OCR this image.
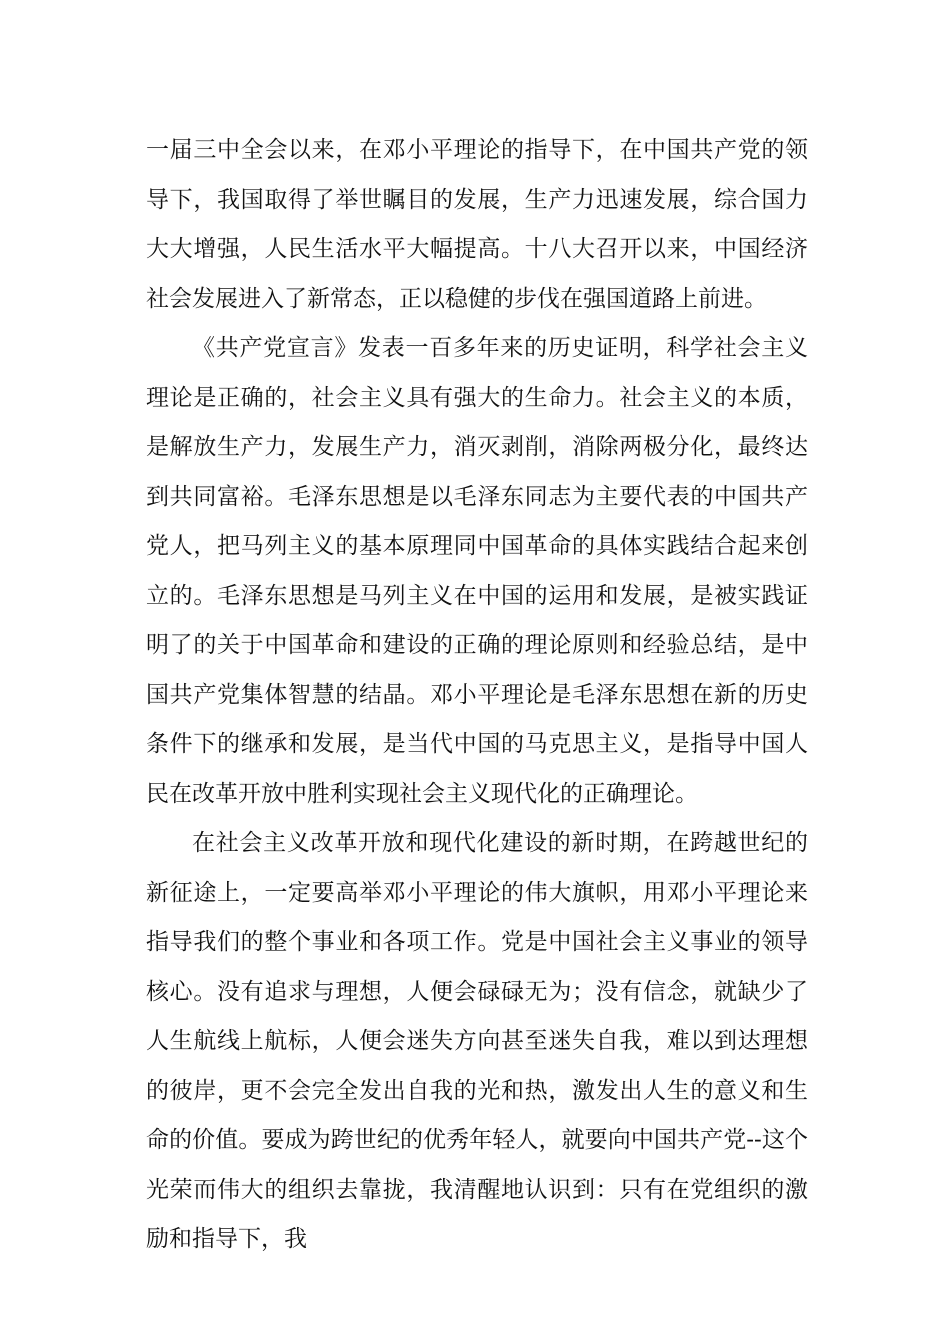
一届三中全会以来，在邓小平理论的指导下，在中国共产党的领导下，我国取得了举世瞩目的发展，生产力迅速发展，综合国力大大增强，人民生活水平大幅提高。十八大召开以来，中国经济社会发展进入了新常态，正以稳健的步伐在强国道路上前进。

《共产党宣言》发表一百多年来的历史证明，科学社会主义理论是正确的，社会主义具有强大的生命力。社会主义的本质，是解放生产力，发展生产力，消灭剥削，消除两极分化，最终达到共同富裕。毛泽东思想是以毛泽东同志为主要代表的中国共产党人，把马列主义的基本原理同中国革命的具体实践结合起来创立的。毛泽东思想是马列主义在中国的运用和发展，是被实践证明了的关于中国革命和建设的正确的理论原则和经验总结，是中国共产党集体智慧的结晶。邓小平理论是毛泽东思想在新的历史条件下的继承和发展，是当代中国的马克思主义，是指导中国人民在改革开放中胜利实现社会主义现代化的正确理论。

在社会主义改革开放和现代化建设的新时期，在跨越世纪的新征途上，一定要高举邓小平理论的伟大旗帜，用邓小平理论来指导我们的整个事业和各项工作。党是中国社会主义事业的领导核心。没有追求与理想，人便会碌碌无为；没有信念，就缺少了人生航线上航标，人便会迷失方向甚至迷失自我，难以到达理想的彼岸，更不会完全发出自我的光和热，激发出人生的意义和生命的价值。要成为跨世纪的优秀年轻人，就要向中国共产党--这个光荣而伟大的组织去靠拢，我清醒地认识到：只有在党组织的激励和指导下，我
